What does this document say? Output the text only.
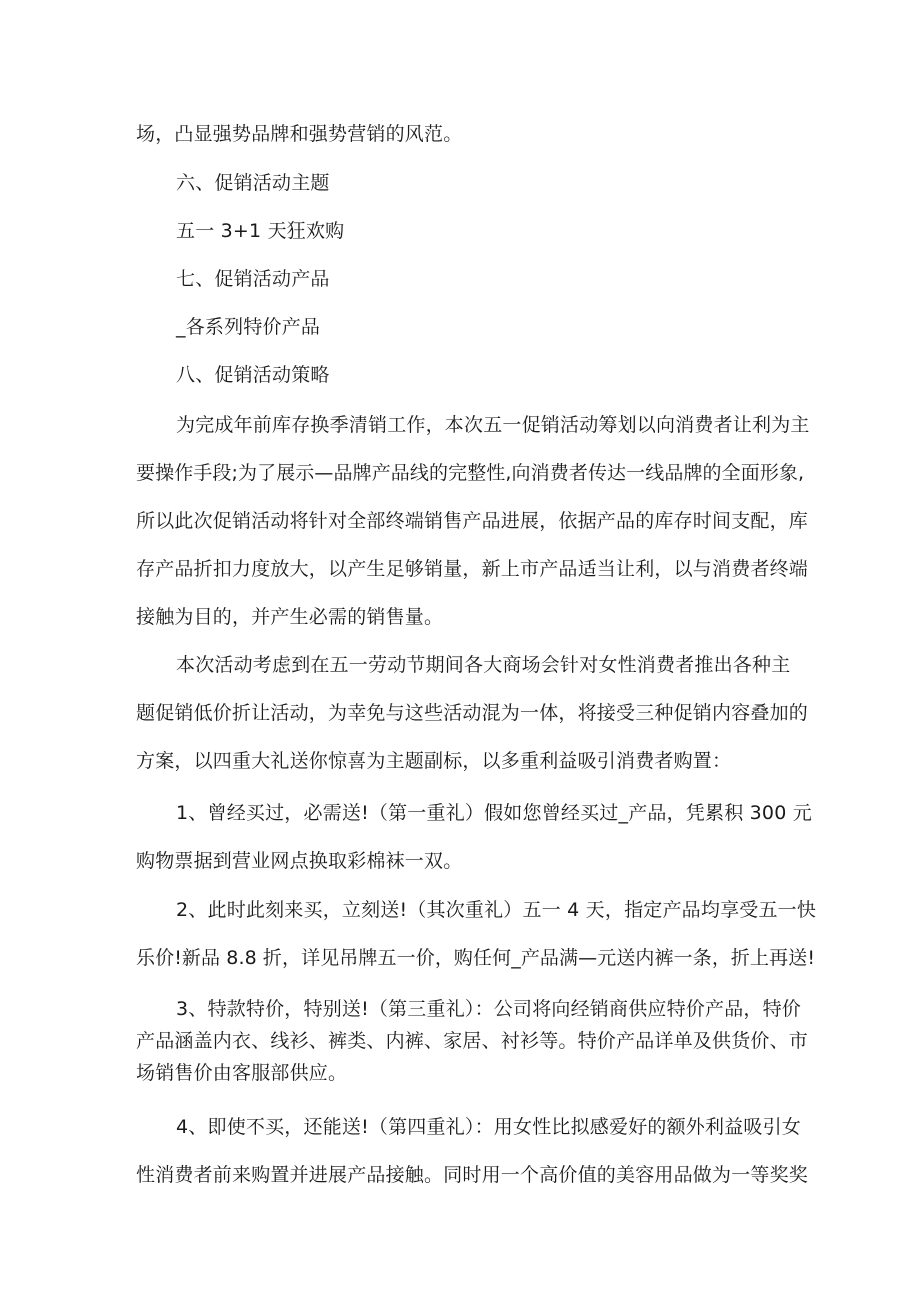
场，凸显强势品牌和强势营销的风范。
六、促销活动主题
五一 3+1 天狂欢购
七、促销活动产品
_各系列特价产品
八、促销活动策略
为完成年前库存换季清销工作，本次五一促销活动筹划以向消费者让利为主
要操作手段;为了展示—品牌产品线的完整性,向消费者传达一线品牌的全面形象,
所以此次促销活动将针对全部终端销售产品进展，依据产品的库存时间支配，库
存产品折扣力度放大，以产生足够销量，新上市产品适当让利，以与消费者终端
接触为目的，并产生必需的销售量。
本次活动考虑到在五一劳动节期间各大商场会针对女性消费者推出各种主
题促销低价折让活动，为幸免与这些活动混为一体，将接受三种促销内容叠加的
方案，以四重大礼送你惊喜为主题副标，以多重利益吸引消费者购置：
1、曾经买过，必需送!（第一重礼）假如您曾经买过_产品，凭累积 300 元
购物票据到营业网点换取彩棉袜一双。
2、此时此刻来买，立刻送!（其次重礼）五一 4 天，指定产品均享受五一快
乐价!新品 8.8 折，详见吊牌五一价，购任何_产品满—元送内裤一条，折上再送!
3、特款特价，特别送!（第三重礼）：公司将向经销商供应特价产品，特价
产品涵盖内衣、线衫、裤类、内裤、家居、衬衫等。特价产品详单及供货价、市
场销售价由客服部供应。
4、即使不买，还能送!（第四重礼）：用女性比拟感爱好的额外利益吸引女
性消费者前来购置并进展产品接触。同时用一个高价值的美容用品做为一等奖奖
